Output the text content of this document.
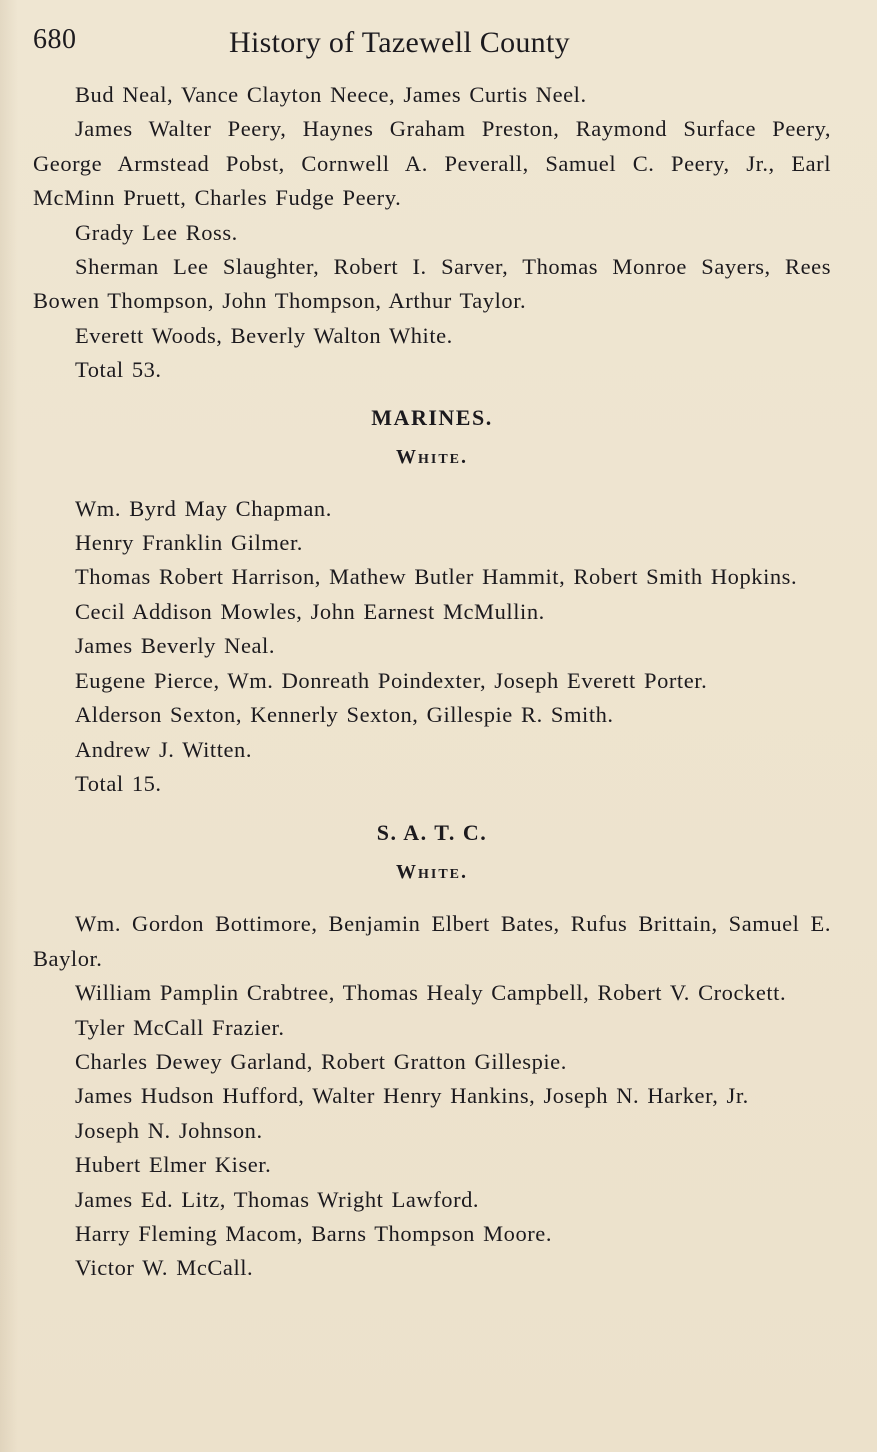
680	History of Tazewell County

Bud Neal, Vance Clayton Neece, James Curtis Neel.

James Walter Peery, Haynes Graham Preston, Raymond Surface Peery, George Armstead Pobst, Cornwell A. Peverall, Samuel C. Peery, Jr., Earl McMinn Pruett, Charles Fudge Peery.

Grady Lee Ross.

Sherman Lee Slaughter, Robert I. Sarver, Thomas Monroe Sayers, Rees Bowen Thompson, John Thompson, Arthur Taylor.

Everett Woods, Beverly Walton White.

Total 53.

MARINES.
White.

Wm. Byrd May Chapman.

Henry Franklin Gilmer.

Thomas Robert Harrison, Mathew Butler Hammit, Robert Smith Hopkins.

Cecil Addison Mowles, John Earnest McMullin.

James Beverly Neal.

Eugene Pierce, Wm. Donreath Poindexter, Joseph Everett Porter.

Alderson Sexton, Kennerly Sexton, Gillespie R. Smith.

Andrew J. Witten.

Total 15.

S. A. T. C.
White.

Wm. Gordon Bottimore, Benjamin Elbert Bates, Rufus Brittain, Samuel E. Baylor.

William Pamplin Crabtree, Thomas Healy Campbell, Robert V. Crockett.

Tyler McCall Frazier.

Charles Dewey Garland, Robert Gratton Gillespie.

James Hudson Hufford, Walter Henry Hankins, Joseph N. Harker, Jr.

Joseph N. Johnson.

Hubert Elmer Kiser.

James Ed. Litz, Thomas Wright Lawford.

Harry Fleming Macom, Barns Thompson Moore.

Victor W. McCall.
